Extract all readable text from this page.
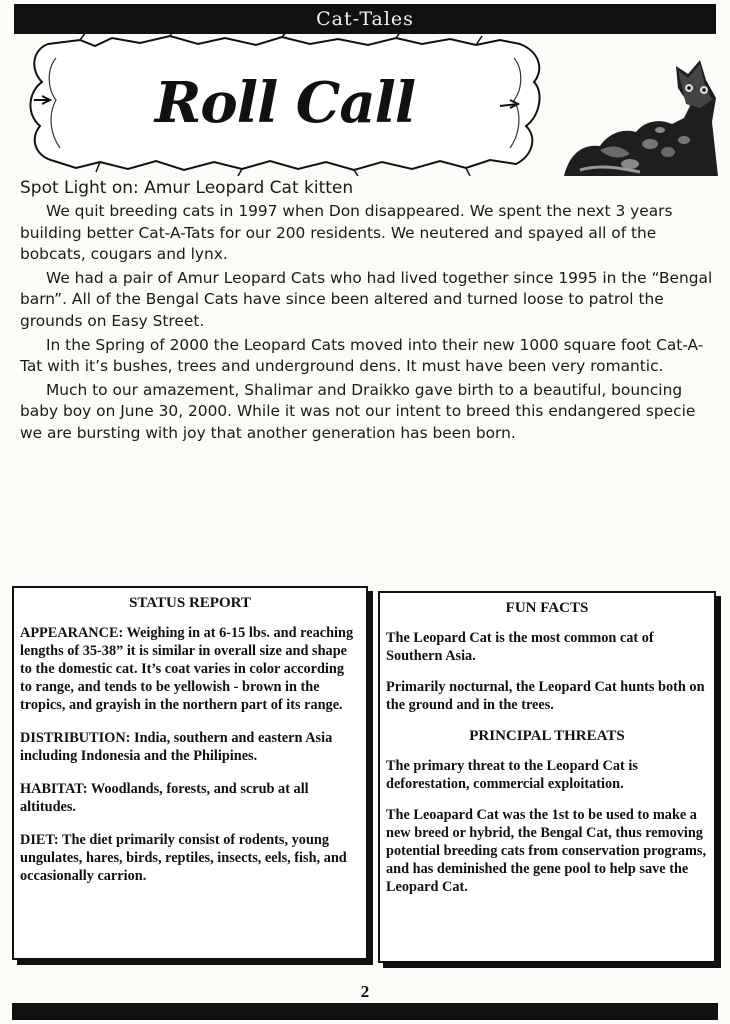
Cat-Tales
Roll Call
Spot Light on: Amur Leopard Cat kitten

We quit breeding cats in 1997 when Don disappeared. We spent the next 3 years building better Cat-A-Tats for our 200 residents. We neutered and spayed all of the bobcats, cougars and lynx.

We had a pair of Amur Leopard Cats who had lived together since 1995 in the “Bengal barn”. All of the Bengal Cats have since been altered and turned loose to patrol the grounds on Easy Street.

In the Spring of 2000 the Leopard Cats moved into their new 1000 square foot Cat-A-Tat with it’s bushes, trees and underground dens. It must have been very romantic.

Much to our amazement, Shalimar and Draikko gave birth to a beautiful, bouncing baby boy on June 30, 2000. While it was not our intent to breed this endangered specie we are bursting with joy that another generation has been born.

STATUS REPORT
APPEARANCE: Weighing in at 6-15 lbs. and reaching lengths of 35-38” it is similar in overall size and shape to the domestic cat. It’s coat varies in color according to range, and tends to be yellowish - brown in the tropics, and grayish in the northern part of its range.
DISTRIBUTION: India, southern and eastern Asia including Indonesia and the Philipines.
HABITAT: Woodlands, forests, and scrub at all altitudes.
DIET: The diet primarily consist of rodents, young ungulates, hares, birds, reptiles, insects, eels, fish, and occasionally carrion.
FUN FACTS
The Leopard Cat is the most common cat of Southern Asia.
Primarily nocturnal, the Leopard Cat hunts both on the ground and in the trees.
PRINCIPAL THREATS
The primary threat to the Leopard Cat is deforestation, commercial exploitation.
The Leoapard Cat was the 1st to be used to make a new breed or hybrid, the Bengal Cat, thus removing potential breeding cats from conservation programs, and has deminished the gene pool to help save the Leopard Cat.
2
